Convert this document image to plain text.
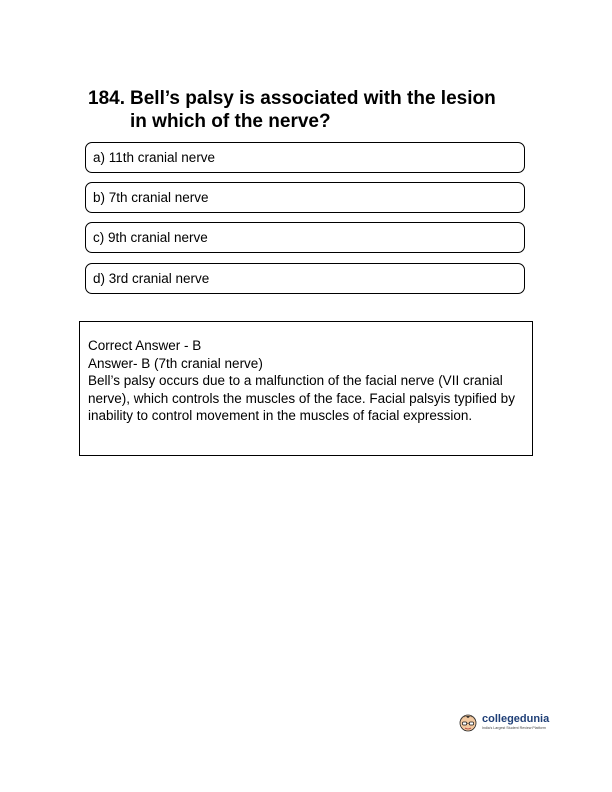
184. Bell’s palsy is associated with the lesion
in which of the nerve?
a) 11th cranial nerve
b) 7th cranial nerve
c) 9th cranial nerve
d) 3rd cranial nerve
Correct Answer - B
Answer- B (7th cranial nerve)
Bell’s palsy occurs due to a malfunction of the facial nerve (VII cranial nerve), which controls the muscles of the face. Facial palsyis typified by inability to control movement in the muscles of facial expression.
collegedunia
India's Largest Student Review Platform
